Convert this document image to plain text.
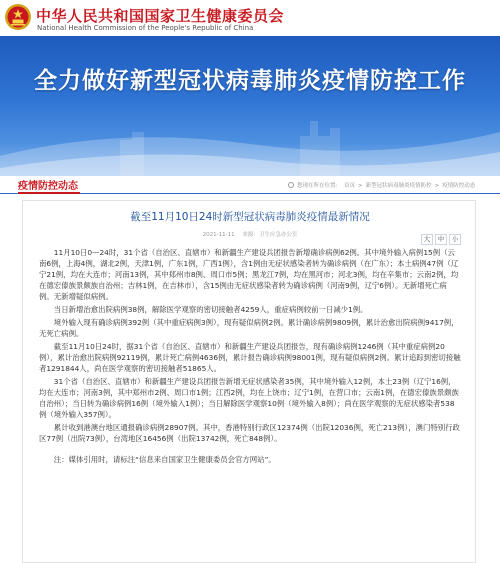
中华人民共和国国家卫生健康委员会
National Health Commission of the People's Republic of China
全力做好新型冠状病毒肺炎疫情防控工作
疫情防控动态	您现在所在位置： 首页 > 新型冠状病毒肺炎疫情防控 > 疫情防控动态
截至11月10日24时新型冠状病毒肺炎疫情最新情况
2021-11-11 来源：卫生应急办公室	大 中 小

11月10日0—24时，31个省（自治区、直辖市）和新疆生产建设兵团报告新增确诊病例62例。其中境外输入病例15例（云南6例，上海4例，湖北2例，天津1例，广东1例，广西1例），含1例由无症状感染者转为确诊病例（在广东）；本土病例47例（辽宁21例，均在大连市；河南13例，其中郑州市8例、周口市5例；黑龙江7例，均在黑河市；河北3例，均在辛集市；云南2例，均在德宏傣族景颇族自治州；吉林1例，在吉林市），含15例由无症状感染者转为确诊病例（河南9例，辽宁6例）。无新增死亡病例。无新增疑似病例。

当日新增治愈出院病例38例，解除医学观察的密切接触者4259人，重症病例较前一日减少1例。

境外输入现有确诊病例392例（其中重症病例3例），现有疑似病例2例。累计确诊病例9809例，累计治愈出院病例9417例，无死亡病例。

截至11月10日24时，据31个省（自治区、直辖市）和新疆生产建设兵团报告，现有确诊病例1246例（其中重症病例20例），累计治愈出院病例92119例，累计死亡病例4636例，累计报告确诊病例98001例，现有疑似病例2例。累计追踪到密切接触者1291844人，尚在医学观察的密切接触者51865人。

31个省（自治区、直辖市）和新疆生产建设兵团报告新增无症状感染者35例，其中境外输入12例，本土23例（辽宁16例，均在大连市；河南3例，其中郑州市2例、周口市1例；江西2例，均在上饶市；辽宁1例，在营口市；云南1例，在德宏傣族景颇族自治州）；当日转为确诊病例16例（境外输入1例）；当日解除医学观察10例（境外输入8例）；尚在医学观察的无症状感染者538例（境外输入357例）。

累计收到港澳台地区通报确诊病例28907例。其中，香港特别行政区12374例（出院12036例，死亡213例），澳门特别行政区77例（出院73例），台湾地区16456例（出院13742例，死亡848例）。

注：媒体引用时，请标注“信息来自国家卫生健康委员会官方网站”。
